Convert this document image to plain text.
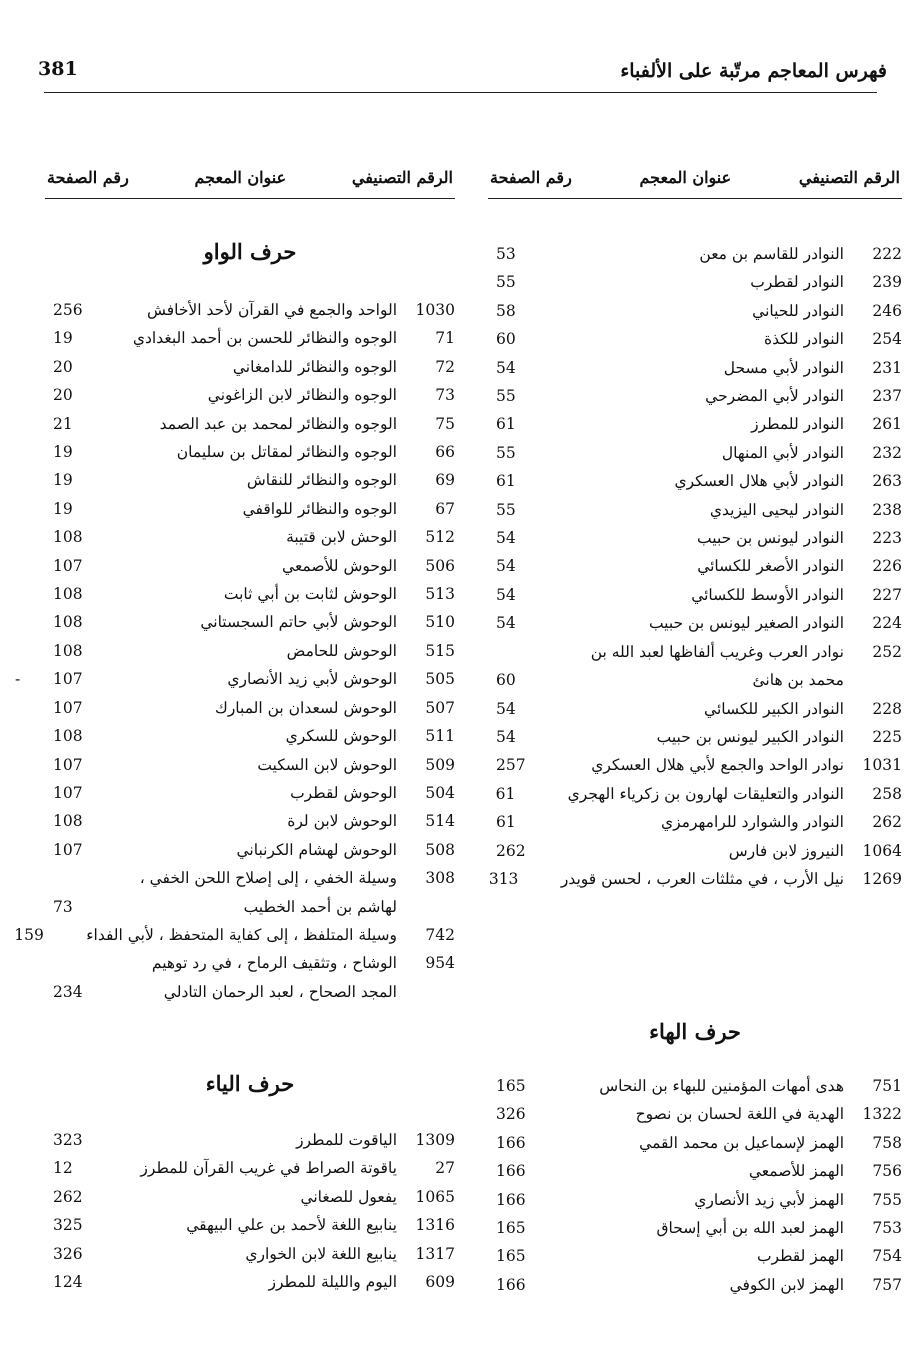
381	فهرس المعاجم مرتّبة على الألفباء
الرقم التصنيفي
عنوان المعجم
رقم الصفحة
222
النوادر للقاسم بن معن
53
239
النوادر لقطرب
55
246
النوادر للحياني
58
254
النوادر للكذة
60
231
النوادر لأبي مسحل
54
237
النوادر لأبي المضرحي
55
261
النوادر للمطرز
61
232
النوادر لأبي المنهال
55
263
النوادر لأبي هلال العسكري
61
238
النوادر ليحيى اليزيدي
55
223
النوادر ليونس بن حبيب
54
226
النوادر الأصغر للكسائي
54
227
النوادر الأوسط للكسائي
54
224
النوادر الصغير ليونس بن حبيب
54
252
نوادر العرب وغريب ألفاظها لعبد الله بن محمد بن هانئ
60
228
النوادر الكبير للكسائي
54
225
النوادر الكبير ليونس بن حبيب
54
1031
نوادر الواحد والجمع لأبي هلال العسكري
257
258
النوادر والتعليقات لهارون بن زكرياء الهجري
61
262
النوادر والشوارد للرامهرمزي
61
1064
النيروز لابن فارس
262
1269
نيل الأرب ، في مثلثات العرب ، لحسن قويدر
313
حرف الهاء
751
هدى أمهات المؤمنين للبهاء بن النحاس
165
1322
الهدية في اللغة لحسان بن نصوح
326
758
الهمز لإسماعيل بن محمد القمي
166
756
الهمز للأصمعي
166
755
الهمز لأبي زيد الأنصاري
166
753
الهمز لعبد الله بن أبي إسحاق
165
754
الهمز لقطرب
165
757
الهمز لابن الكوفي
166
الرقم التصنيفي
عنوان المعجم
رقم الصفحة
حرف الواو
1030
الواحد والجمع في القرآن لأحد الأخافش
256
71
الوجوه والنظائر للحسن بن أحمد البغدادي
19
72
الوجوه والنظائر للدامغاني
20
73
الوجوه والنظائر لابن الزاغوني
20
75
الوجوه والنظائر لمحمد بن عبد الصمد
21
66
الوجوه والنظائر لمقاتل بن سليمان
19
69
الوجوه والنظائر للنقاش
19
67
الوجوه والنظائر للواقفي
19
512
الوحش لابن قتيبة
108
506
الوحوش للأصمعي
107
513
الوحوش لثابت بن أبي ثابت
108
510
الوحوش لأبي حاتم السجستاني
108
515
الوحوش للحامض
108
505
الوحوش لأبي زيد الأنصاري
107
-
507
الوحوش لسعدان بن المبارك
107
511
الوحوش للسكري
108
509
الوحوش لابن السكيت
107
504
الوحوش لقطرب
107
514
الوحوش لابن لرة
108
508
الوحوش لهشام الكرنباني
107
308
وسيلة الخفي ، إلى إصلاح اللحن الخفي ، لهاشم بن أحمد الخطيب
73
742
وسيلة المتلفظ ، إلى كفاية المتحفظ ، لأبي الفداء
159
954
الوشاح ، وتثقيف الرماح ، في رد توهيم المجد الصحاح ، لعبد الرحمان التادلي
234
حرف الياء
1309
الياقوت للمطرز
323
27
ياقوتة الصراط في غريب القرآن للمطرز
12
1065
يفعول للصغاني
262
1316
ينابيع اللغة لأحمد بن علي البيهقي
325
1317
ينابيع اللغة لابن الخواري
326
609
اليوم والليلة للمطرز
124
